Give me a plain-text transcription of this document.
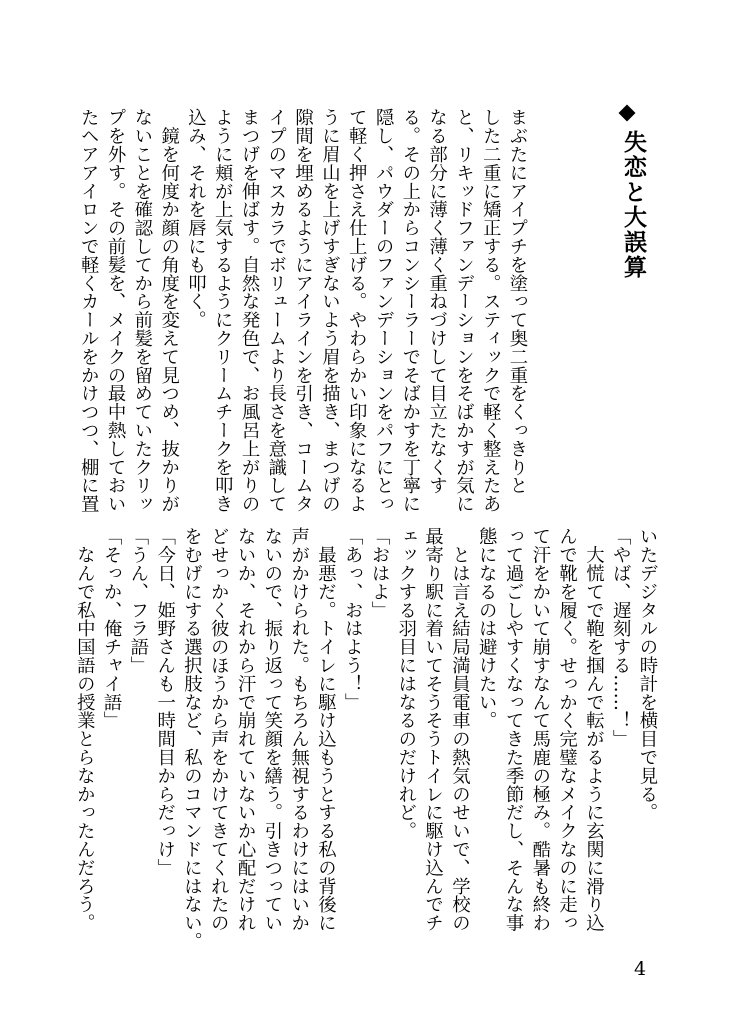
失恋と大誤算
まぶたにアイプチを塗って奥二重をくっきりと
した二重に矯正する。スティックで軽く整えたあ
と、リキッドファンデーションをそばかすが気に
なる部分に薄く薄く重ねづけして目立たなくす
る。その上からコンシーラーでそばかすを丁寧に
隠し、パウダーのファンデーションをパフにとっ
て軽く押さえ仕上げる。やわらかい印象になるよ
うに眉山を上げすぎないよう眉を描き、まつげの
隙間を埋めるようにアイラインを引き、コームタ
イプのマスカラでボリュームより長さを意識して
まつげを伸ばす。自然な発色で、お風呂上がりの
ように頬が上気するようにクリームチークを叩き
込み、それを唇にも叩く。
　鏡を何度か顔の角度を変えて見つめ、抜かりが
ないことを確認してから前髪を留めていたクリッ
プを外す。その前髪を、メイクの最中熱しておい
たヘアアイロンで軽くカールをかけつつ、棚に置
いたデジタルの時計を横目で見る。
「やば、遅刻する……！」
　大慌てで鞄を掴んで転がるように玄関に滑り込
んで靴を履く。せっかく完璧なメイクなのに走っ
て汗をかいて崩すなんて馬鹿の極み。酷暑も終わ
って過ごしやすくなってきた季節だし、そんな事
態になるのは避けたい。
　とは言え結局満員電車の熱気のせいで、学校の
最寄り駅に着いてそうそうトイレに駆け込んでチ
ェックする羽目にはなるのだけれど。
「おはよ」
「あっ、おはよう！」
　最悪だ。トイレに駆け込もうとする私の背後に
声がかけられた。もちろん無視するわけにはいか
ないので、振り返って笑顔を繕う。引きつってい
ないか、それから汗で崩れていないか心配だけれ
どせっかく彼のほうから声をかけてきてくれたの
をむげにする選択肢など、私のコマンドにはない。
「今日、姫野さんも一時間目からだっけ」
「うん、フラ語」
「そっか、俺チャイ語」
　なんで私中国語の授業とらなかったんだろう。
4
